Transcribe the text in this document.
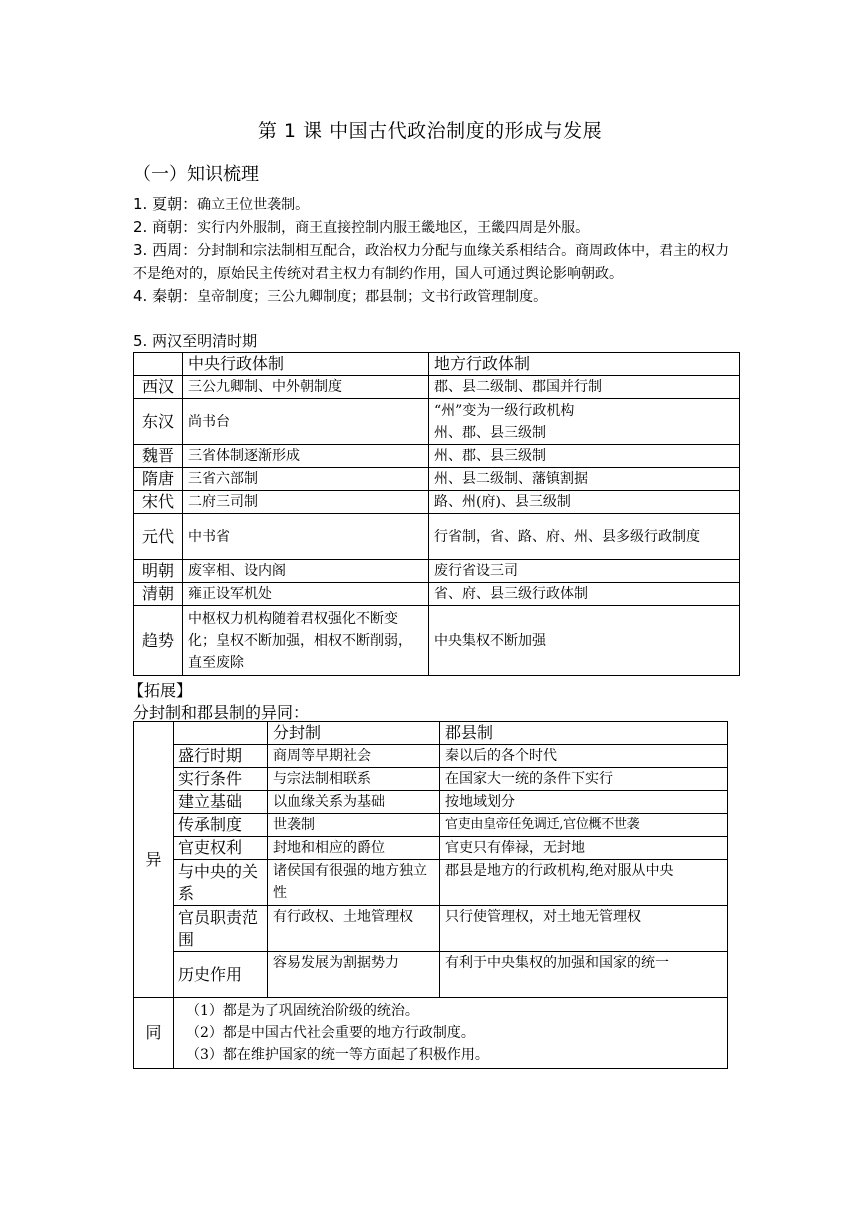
第 1 课 中国古代政治制度的形成与发展
（一）知识梳理
1. 夏朝：确立王位世袭制。
2. 商朝：实行内外服制，商王直接控制内服王畿地区，王畿四周是外服。
3. 西周：分封制和宗法制相互配合，政治权力分配与血缘关系相结合。商周政体中，君主的权力不是绝对的，原始民主传统对君主权力有制约作用，国人可通过舆论影响朝政。
4. 秦朝：皇帝制度；三公九卿制度；郡县制；文书行政管理制度。
5. 两汉至明清时期
	中央行政体制	地方行政体制
西汉	三公九卿制、中外朝制度	郡、县二级制、郡国并行制
东汉	尚书台	“州”变为一级行政机构
州、郡、县三级制
魏晋	三省体制逐渐形成	州、郡、县三级制
隋唐	三省六部制	州、县二级制、藩镇割据
宋代	二府三司制	路、州(府)、县三级制
元代	中书省	行省制，省、路、府、州、县多级行政制度
明朝	废宰相、设内阁	废行省设三司
清朝	雍正设军机处	省、府、县三级行政体制
趋势	中枢权力机构随着君权强化不断变化；皇权不断加强，相权不断削弱，直至废除	中央集权不断加强
【拓展】
分封制和郡县制的异同：
异		分封制	郡县制
	盛行时期	商周等早期社会	秦以后的各个时代
	实行条件	与宗法制相联系	在国家大一统的条件下实行
	建立基础	以血缘关系为基础	按地域划分
	传承制度	世袭制	官吏由皇帝任免调迁,官位概不世袭
	官吏权利	封地和相应的爵位	官吏只有俸禄，无封地
	与中央的关系	诸侯国有很强的地方独立性	郡县是地方的行政机构,绝对服从中央
	官员职责范围	有行政权、土地管理权	只行使管理权，对土地无管理权
	历史作用	容易发展为割据势力	有利于中央集权的加强和国家的统一
同	（1）都是为了巩固统治阶级的统治。
（2）都是中国古代社会重要的地方行政制度。
（3）都在维护国家的统一等方面起了积极作用。		
